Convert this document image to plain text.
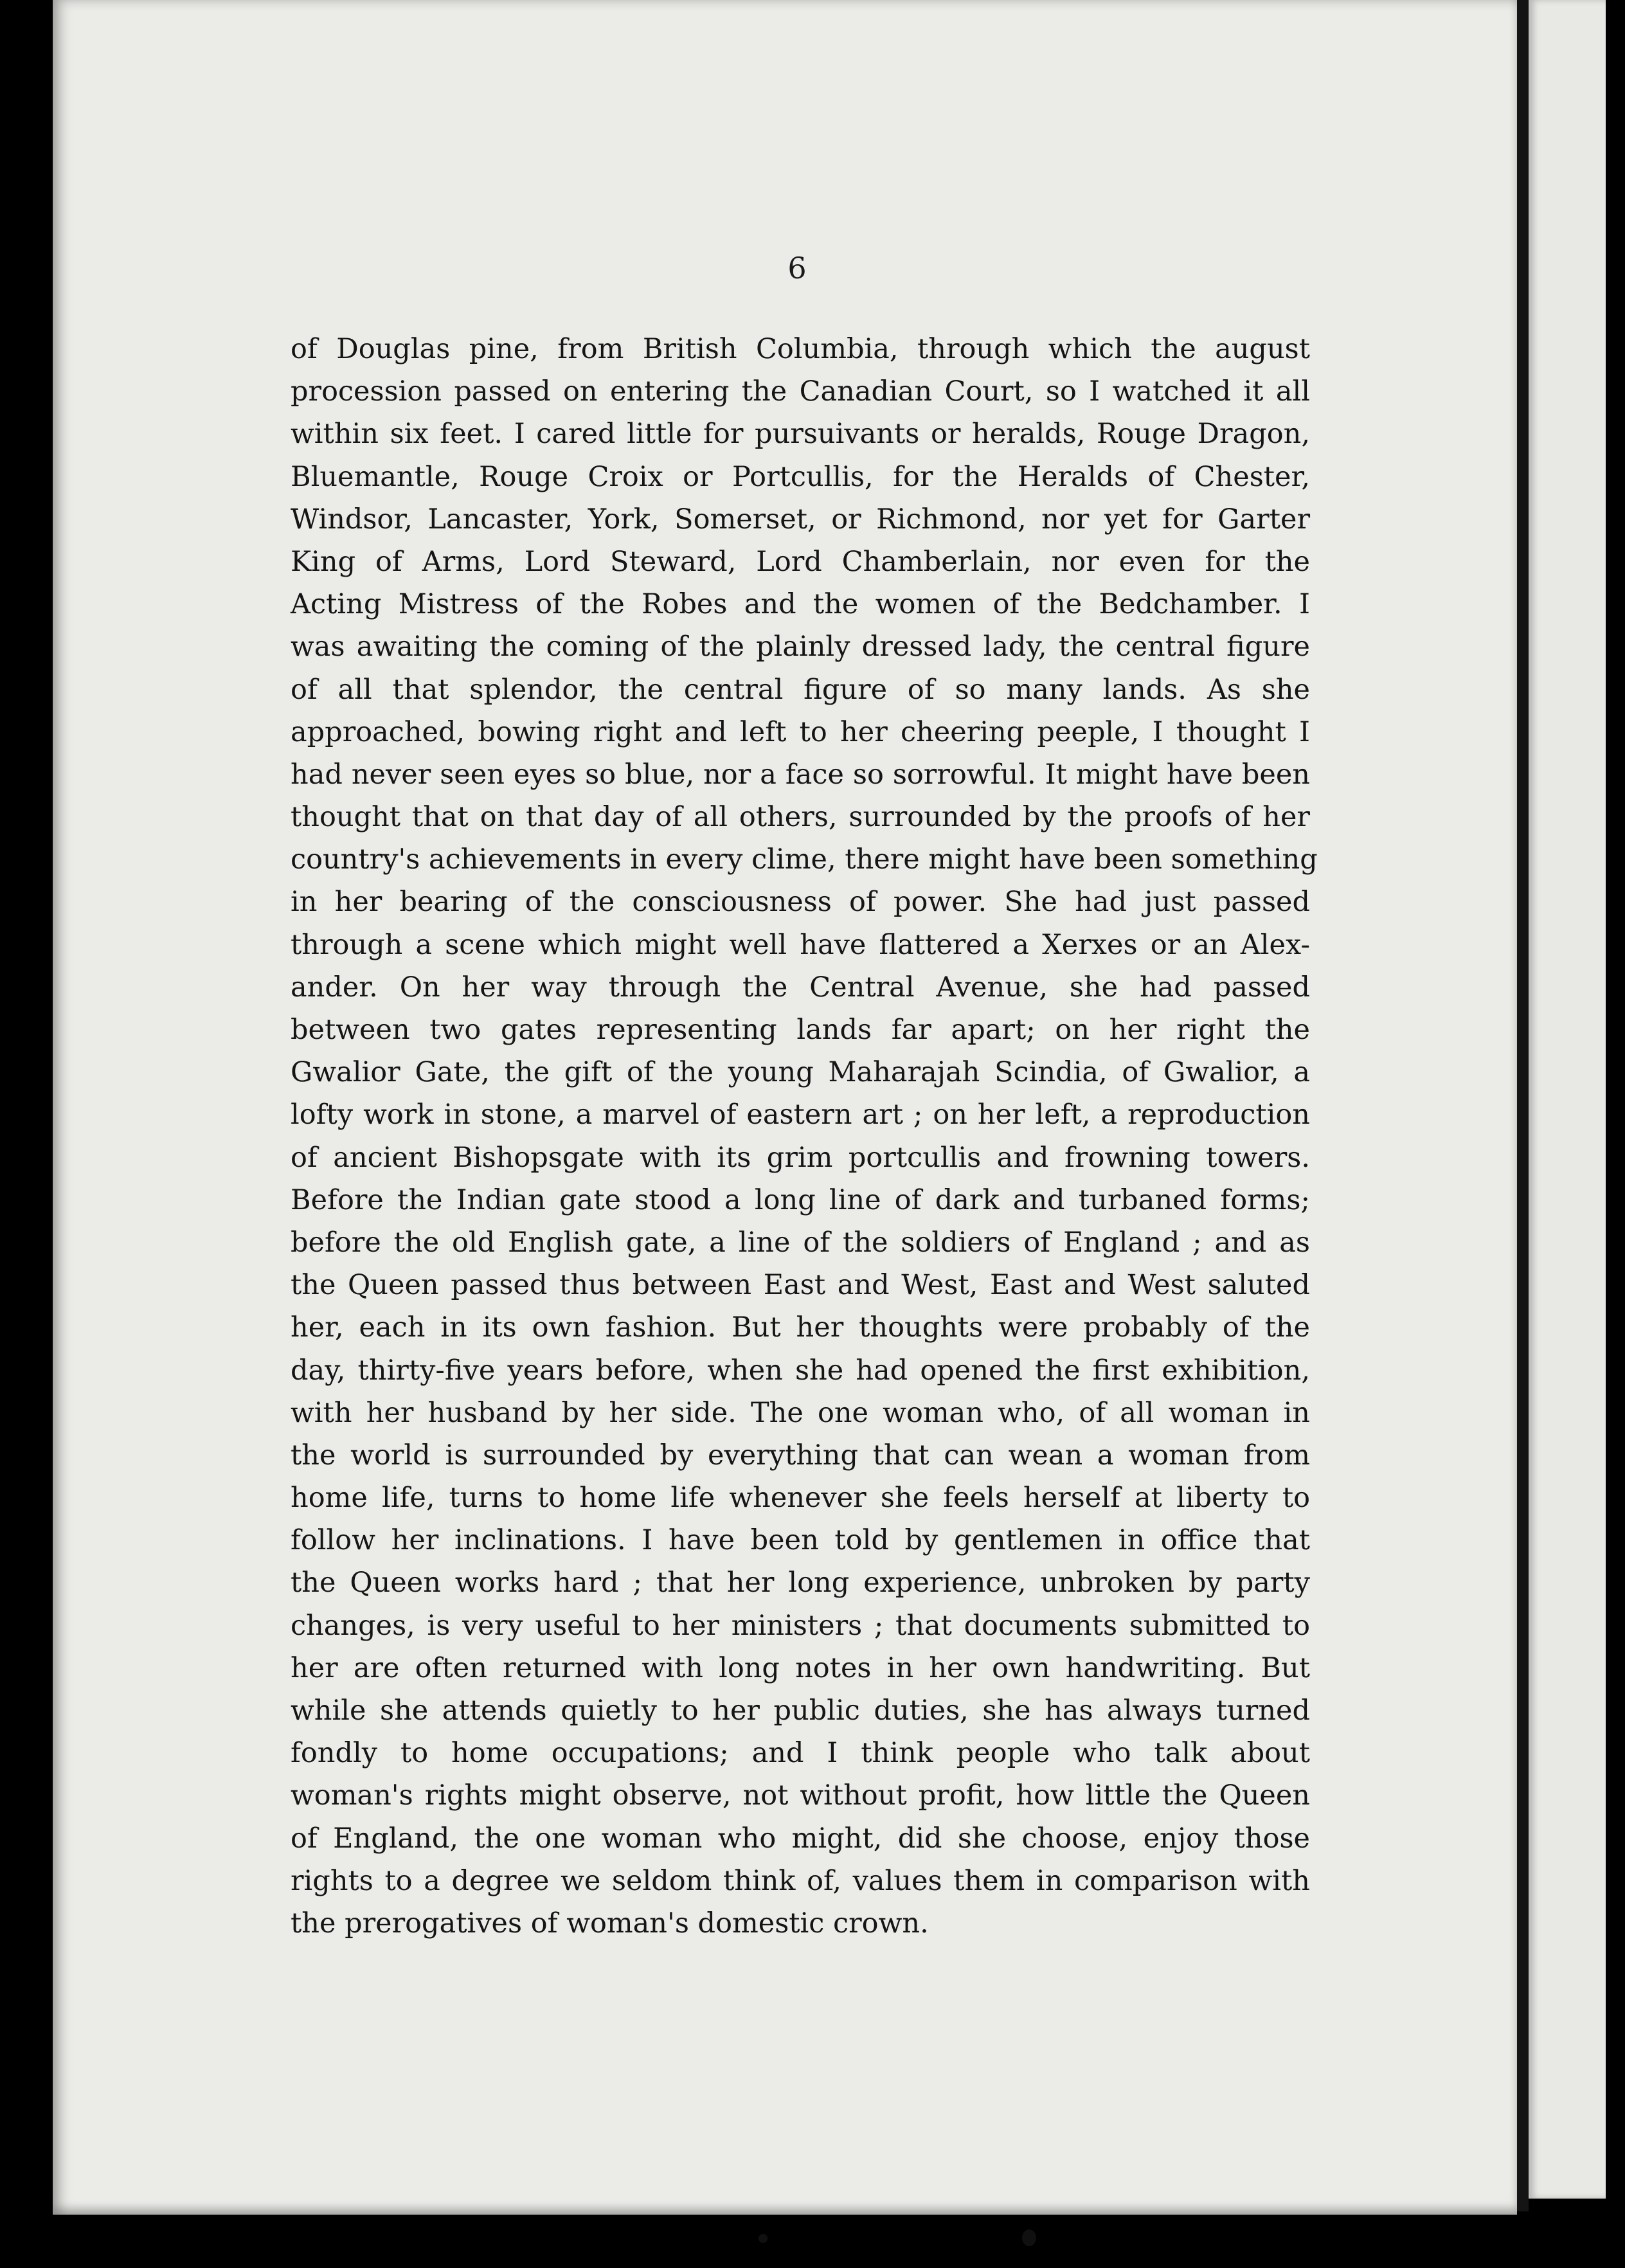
6
of Douglas pine, from British Columbia, through which the august
procession passed on entering the Canadian Court, so I watched it all
within six feet. I cared little for pursuivants or heralds, Rouge Dragon,
Bluemantle, Rouge Croix or Portcullis, for the Heralds of Chester,
Windsor, Lancaster, York, Somerset, or Richmond, nor yet for Garter
King of Arms, Lord Steward, Lord Chamberlain, nor even for the
Acting Mistress of the Robes and the women of the Bedchamber. I
was awaiting the coming of the plainly dressed lady, the central figure
of all that splendor, the central figure of so many lands. As she
approached, bowing right and left to her cheering peeple, I thought I
had never seen eyes so blue, nor a face so sorrowful. It might have been
thought that on that day of all others, surrounded by the proofs of her
country's achievements in every clime, there might have been something
in her bearing of the consciousness of power. She had just passed
through a scene which might well have flattered a Xerxes or an Alex-
ander. On her way through the Central Avenue, she had passed
between two gates representing lands far apart; on her right the
Gwalior Gate, the gift of the young Maharajah Scindia, of Gwalior, a
lofty work in stone, a marvel of eastern art ; on her left, a reproduction
of ancient Bishopsgate with its grim portcullis and frowning towers.
Before the Indian gate stood a long line of dark and turbaned forms;
before the old English gate, a line of the soldiers of England ; and as
the Queen passed thus between East and West, East and West saluted
her, each in its own fashion. But her thoughts were probably of the
day, thirty-five years before, when she had opened the first exhibition,
with her husband by her side. The one woman who, of all woman in
the world is surrounded by everything that can wean a woman from
home life, turns to home life whenever she feels herself at liberty to
follow her inclinations. I have been told by gentlemen in office that
the Queen works hard ; that her long experience, unbroken by party
changes, is very useful to her ministers ; that documents submitted to
her are often returned with long notes in her own handwriting. But
while she attends quietly to her public duties, she has always turned
fondly to home occupations; and I think people who talk about
woman's rights might observe, not without profit, how little the Queen
of England, the one woman who might, did she choose, enjoy those
rights to a degree we seldom think of, values them in comparison with
the prerogatives of woman's domestic crown.
